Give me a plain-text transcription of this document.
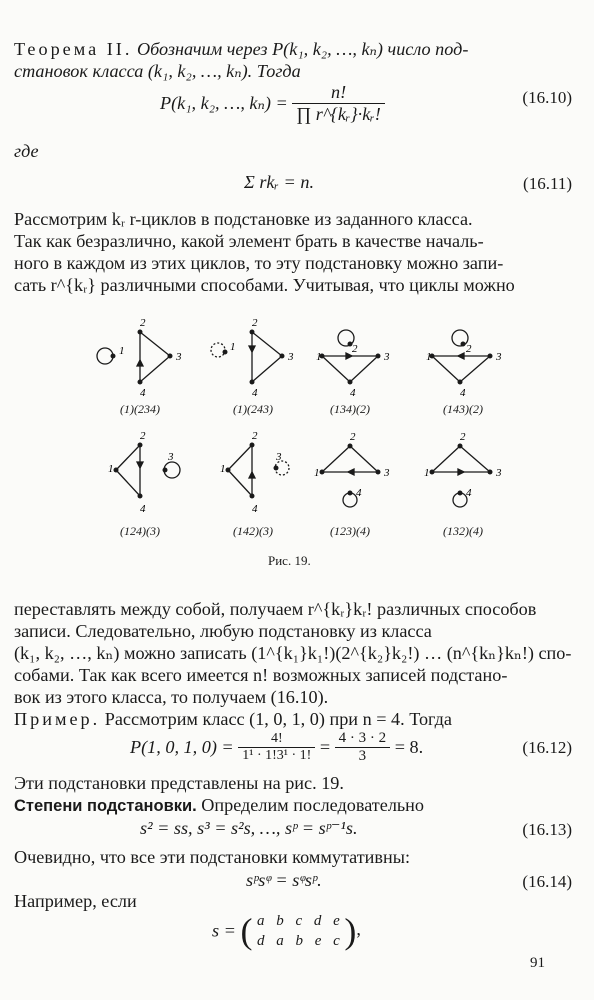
Теорема II. Обозначим через P(k₁, k₂, …, kₙ) число под-
становок класса (k₁, k₂, …, kₙ). Тогда
P(k₁, k₂, …, $k_n) = \frac{n!}{\text{∏ r\textasciicircum{}\{kᵣ\}·kᵣ!}}$	(16.10)
где
Σ rkᵣ = n.	(16.11)
Рассмотрим kᵣ r-циклов в подстановке из заданного класса.
Так как безразлично, какой элемент брать в качестве началь-
ного в каждом из этих циклов, то эту подстановку можно запи-
сать r^{kᵣ} различными способами. Учитывая, что циклы можно
1
2
3
4
1
2
3
4
1
2
3
4
1
2
3
4
1
2
3
4
1
2
3
4
1
2
3
4
1
2
3
4
(1)(234)	(1)(243)	(134)(2)	(143)(2)
(124)(3)	(142)(3)	(123)(4)	(132)(4)
Рис. 19.
переставлять между собой, получаем r^{kᵣ}kᵣ! различных способов
записи. Следовательно, любую подстановку из класса
(k₁, k₂, …, kₙ) можно записать (1^{k₁}k₁!)(2^{k₂}k₂!) … (n^{kₙ}kₙ!) спо-
собами. Так как всего имеется n! возможных записей подстано-
вок из этого класса, то получаем (16.10).
Пример. Рассмотрим класс (1, 0, 1, 0) при n = 4. Тогда
P(1, 0, 1, $0) = \frac{4!}{\text{1¹ · 1!3¹ · 1!}} = \frac{4 \cdot 3 \cdot 2}{3} = 8$.	(16.12)
Эти подстановки представлены на рис. 19.
Степени подстановки. Определим последовательно
s² = ss, s³ = s²s, …, sᵖ = sᵖ⁻¹s.	(16.13)
Очевидно, что все эти подстановки коммутативны:
sᵖsᵠ = sᵠsᵖ.	(16.14)
Например, если
s = ( a b c d e
d a b e c ),
91
